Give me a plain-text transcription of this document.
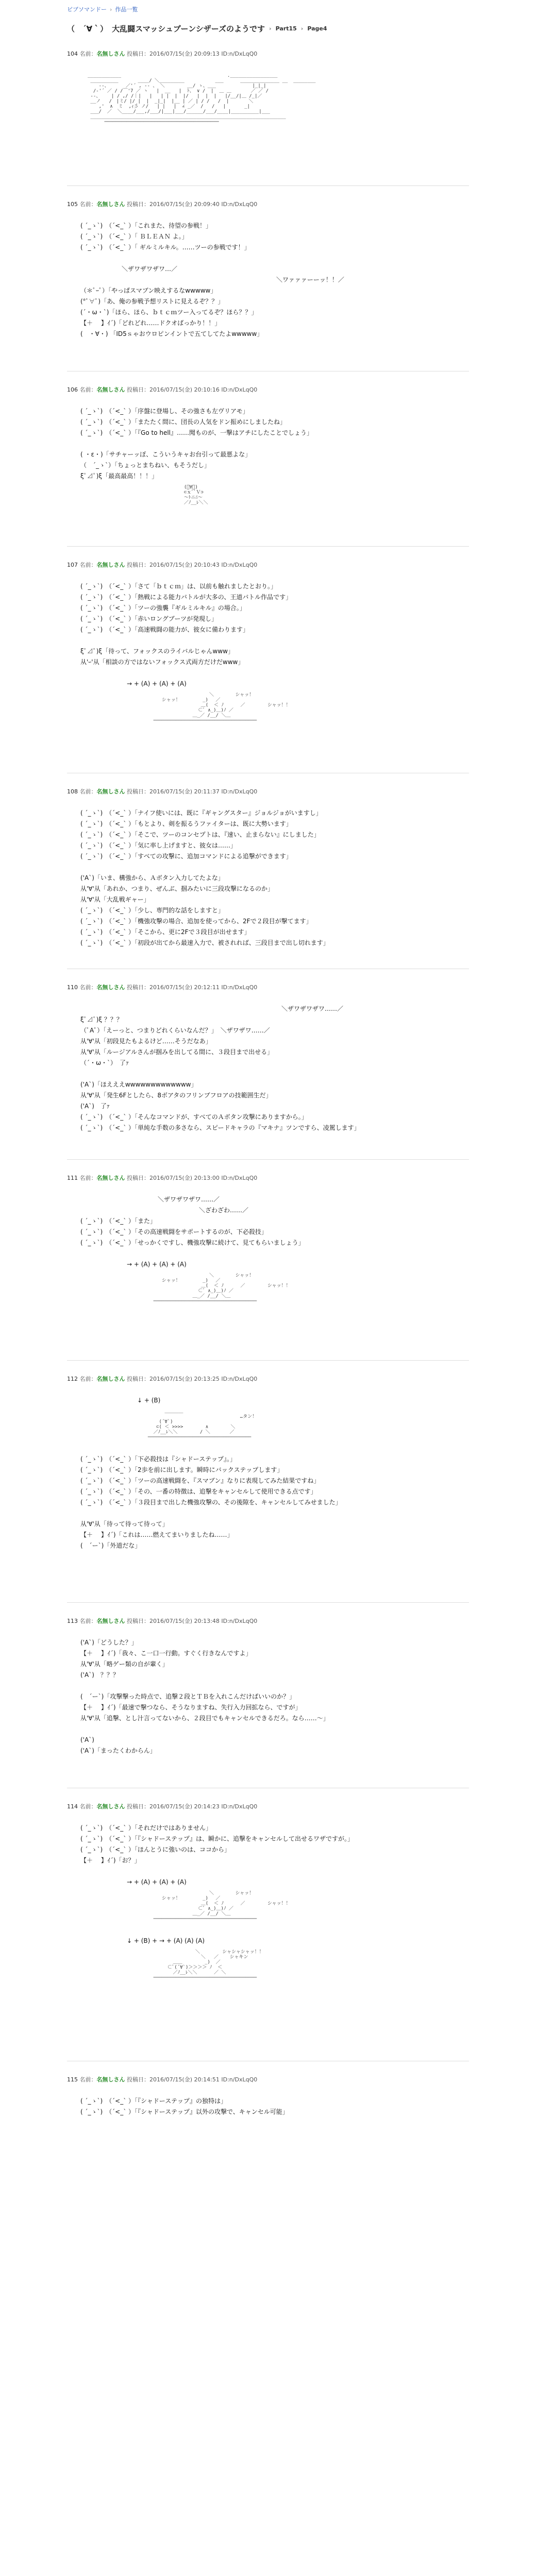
ビブソマンドー › 作品一覧
（　´∀｀） 大乱闘スマッシュブーンシザーズのようです › Part15 › Page4
104 名前：名無しさん 投稿日：2016/07/15(金) 20:09:13 ID:n/DxLqQ0
____________                                      ._________________
__________       ____/ ＼_________           ___      ______________ __  ________
‐-、      ／'´ , -‐ 、 ＼        __/ ゝ、___             |_|_|
/‐'´ ／ / /￣'7 ／ ヽ   |  __   |  ﾄ、 ∨ /  |  ＿ ＿       ／ ／ /
‐-、　   | / ,/ /｜|   |   | |  |  |/   |  |  |   |/__/|＿ /_|／
__ノ   /　|ミ/ |/ |  |  _|_|  |__ | ／ | / /   /  |       ＼
,'  ∧  ミ  ,ｨ彡 ノ/   | |   |  ∠ _／  /   /   |　　　　_|
___/  ／  ＼____/___,/___/|___|___/______/___/____|__________|___
______________________________________________________________________
─────────────────────────────────────────
105 名前：名無しさん 投稿日：2016/07/15(金) 20:09:40 ID:n/DxLqQ0
( ´_ゝ`)　（´<_` ）「これまた、待望の参戦！」
( ´_ゝ`)　（´<_` ）「 ＢＬＥＡＮ よ。」
( ´_ゝ`)　（´<_` ）「 ギルミルキル。……ツーの参戦です！」
＼ザワザワザワ…／
＼ワァァァーーッ！！／
（＊ﾟｰﾟ）「やっぱスマブン映えするなwwwww」
(*ﾟ∀ﾟ)「あ、俺の参戦予想リストに見えるぞ？？」
(´・ω・`)「ほら、ほら、ｂｔｃｍツー入ってるぞ？ほら？？」
【＋　 】ｲ´)「どれどれ……ドクオばっかり！！」
(　・∀・) 「ID5ｓゃおウロピンイントで五てしてたよwwwww」
106 名前：名無しさん 投稿日：2016/07/15(金) 20:10:16 ID:n/DxLqQ0
( ´_ゝ`)　（´<_` ）「序盤に登場し、その強さも左ヴリアモ」
( ´_ゝ`)　（´<_` ）「またたく間に、団長の人気をドン振めにしましたね」
( ´_ゝ`)　（´<_` ）「『Go to hell』……聞ものが、一撃はアチにしたことでしょう」
( ・ε・)「サチャーッぽ、こういうキャお台引って最悪よな」
（　´_ゝ`）「ちょっとまちねい、もそうだし」
ξﾟ⊿ﾟ)ξ「最高最高！！！」
(ﾟ∀ﾟ)
⊂ｘﾞﾞＶ⊃
～ﾄニﾆ～
／ﾉ__ﾚ＼＼
107 名前：名無しさん 投稿日：2016/07/15(金) 20:10:43 ID:n/DxLqQ0
( ´_ゝ`)　（´<_` ）「さて「ｂｔｃｍ」は、以前も触れましたとおり。」
( ´_ゝ`)　（´<_` ）「熱戦による能力バトルが大多の、王道バトル作品です」
( ´_ゝ`)　（´<_` ）「ツーの強襲『ギルミルキル』の場合。」
( ´_ゝ`)　（´<_` ）「赤いロングブーツが発現し」
( ´_ゝ`)　（´<_` ）「高速戦闘の能力が、彼女に備わります」
ξﾟ⊿ﾟ)ξ「待って、フォックスのライバルじゃんwww」
从'ｰ'从「相談の方ではないフォックス式両方だけだwww」
→ + (A) + (A) + (A)
＼　　　　 シャッ！
シャッ！        _)　 ／
＿(  ＜ ﾉ      ／        シャッ！！
⊂ﾞ ∧_)＿)ﾉ ／
＿_／ /__/ ＼＿
─────────────────────────────────────
108 名前：名無しさん 投稿日：2016/07/15(金) 20:11:37 ID:n/DxLqQ0
( ´_ゝ`)　（´<_` ）「ナイフ使いには、既に『ギャングスター』ジョルジョがいますし」
( ´_ゝ`)　（´<_` ）「もとより、剣を振るうファイターは、既に大勢います」
( ´_ゝ`)　（´<_` ）「そこで、ツーのコンセプトは、『速い、止まらない』にしました」
( ´_ゝ`)　（´<_` ）「気に率し上げますと、彼女は……」
( ´_ゝ`)　（´<_` ）「すべての攻撃に、追加コマンドによる追撃ができます」
('A`)「いま、構強から、Ａボタン入力してたよな」
从'∀'从「あれか、つまり、ぜんぶ、掴みたいに三段攻撃になるのか」
从'∀'从「大乱戦ギャー」
( ´_ゝ`)　（´<_` ）「少し、専門的な話をしますと」
( ´_ゝ`)　（´<_` ）「機強攻撃の場合、追加を使ってから、2Fで２段目が撃てます」
( ´_ゝ`)　（´<_` ）「そこから、更に2Fで３段目が出せます」
( ´_ゝ`)　（´<_` ）「初段が出てから最速入力で、被されれば、三段目まで出し切れます」
110 名前：名無しさん 投稿日：2016/07/15(金) 20:12:11 ID:n/DxLqQ0
＼ザワザワザワ……／
ξﾟ⊿ﾟ)ξ ？？？
（ﾟAﾟ）「えーっと、つまりどれくらいなんだ？」　＼ザワザワ……／
从'∀'从「初段見たもよるけど……そうだなあ」
从'∀'从「ルージアルさんが掴みを出してる間に、３段目まで出せる」
（´・ω・`）　了ｧ
('A`)「ほえええwwwwwwwwwwwww」
从'∀'从「発生6Fとしたら、8ボアタのフリンブフロアの技範囲生だ」
('A`)　了ｧ
( ´_ゝ`)　（´<_` ）「そんなコマンドが、すべてのＡボタン攻撃にありますから。」
( ´_ゝ`)　（´<_` ）「単純な手数の多さなら、スピードキャラの『マキナ』ツンですら、凌駕します」
111 名前：名無しさん 投稿日：2016/07/15(金) 20:13:00 ID:n/DxLqQ0
＼ザワザワザワ……／
＼ざわざわ……／
( ´_ゝ`)　（´<_` ）「また」
( ´_ゝ`)　（´<_` ）「その高速戦闘をサポートするのが、下必殺技」
( ´_ゝ`)　（´<_` ）「せっかくですし、機強攻撃に続けて、見てもらいましょう」
→ + (A) + (A) + (A)
＼　　　　 シャッ！
シャッ！        _)　 ／
＿(  ＜ ﾉ      ／        シャッ！！
⊂ﾞ ∧_)＿)ﾉ ／
＿_／ /__/ ＼＿
─────────────────────────────────────
112 名前：名無しさん 投稿日：2016/07/15(金) 20:13:25 ID:n/DxLqQ0
↓ + (B)
＿＿＿＿
…タン！
(´∀`)
⊂( ＜ >>>>        ∧        ＼
／ﾉ__ﾚ＼＼        / ＼       ／
─────────────────────────────────────
( ´_ゝ`)　（´<_` ）「下必殺技は『シャドーステップ』。」
( ´_ゝ`)　（´<_` ）「2歩を前に出します。瞬時にバックステップします」
( ´_ゝ`)　（´<_` ）「ツーの高速戦闘を、『スマブン』なりに表現してみた結果ですね」
( ´_ゝ`)　（´<_` ）「その、一番の特徴は、追撃をキャンセルして使用できる点です」
( ´_ゝ`)　（´<_` ）「３段目まで出した機強攻撃の、その後隙を、キャンセルしてみせました」
从'∀'从「待って待って待って」
【＋　 】ｲ´)「これは……燃えてまいりましたね……」
(　´ー`)「外道だな」
113 名前：名無しさん 投稿日：2016/07/15(金) 20:13:48 ID:n/DxLqQ0
('A`)「どうした？」
【＋　 】ｲ´)「我々、こ一口一行動。すぐく行きなんですよ」
从'∀'从「略ゲー類の自が輩く」
('A`)　？？？
(　´ー`)「攻撃撃った時点で、追撃２段とＴＢを入れこんだけばいいのか？」
【＋　 】ｲ´)「最速で撃つなら、そうなりますね、失行入力回拡なら、ですが」
从'∀'从「追撃、とし汁言ってないから、２段目でもキャンセルできるだろ。なら……〜」
('A`)
('A`)「まったくわからん」
114 名前：名無しさん 投稿日：2016/07/15(金) 20:14:23 ID:n/DxLqQ0
( ´_ゝ`)　（´<_` ）「それだけではありません」
( ´_ゝ`)　（´<_` ）「『シャドーステップ』は、瞬かに、追撃をキャンセルして出せるワザですが。」
( ´_ゝ`)　（´<_` ）「ほんとうに強いのは、ココから」
【＋　 】ｲ´)「お？」
→ + (A) + (A) + (A)
＼　　　　 シャッ！
シャッ！        _)　 ／
＿(  ＜ ﾉ      ／        シャッ！！
⊂ﾞ ∧_)＿)ﾉ ／
＿_／ /__/ ＼＿
─────────────────────────────────────
↓ + (B) + → + (A) (A) (A)
＼        シャシャシャッ！！
＼   ／    シャキン
＿＿        _)  ／
⊂ﾞ(´∀`)＞＞＞＞ ﾉ  ＜
／ﾉ__ﾚ＼＼      ／ ＼
─────────────────────────────────────
115 名前：名無しさん 投稿日：2016/07/15(金) 20:14:51 ID:n/DxLqQ0
( ´_ゝ`)　（´<_` ）「『シャドーステップ』の独特は」
( ´_ゝ`)　（´<_` ）「『シャドーステップ』以外の攻撃で、キャンセル可能」
